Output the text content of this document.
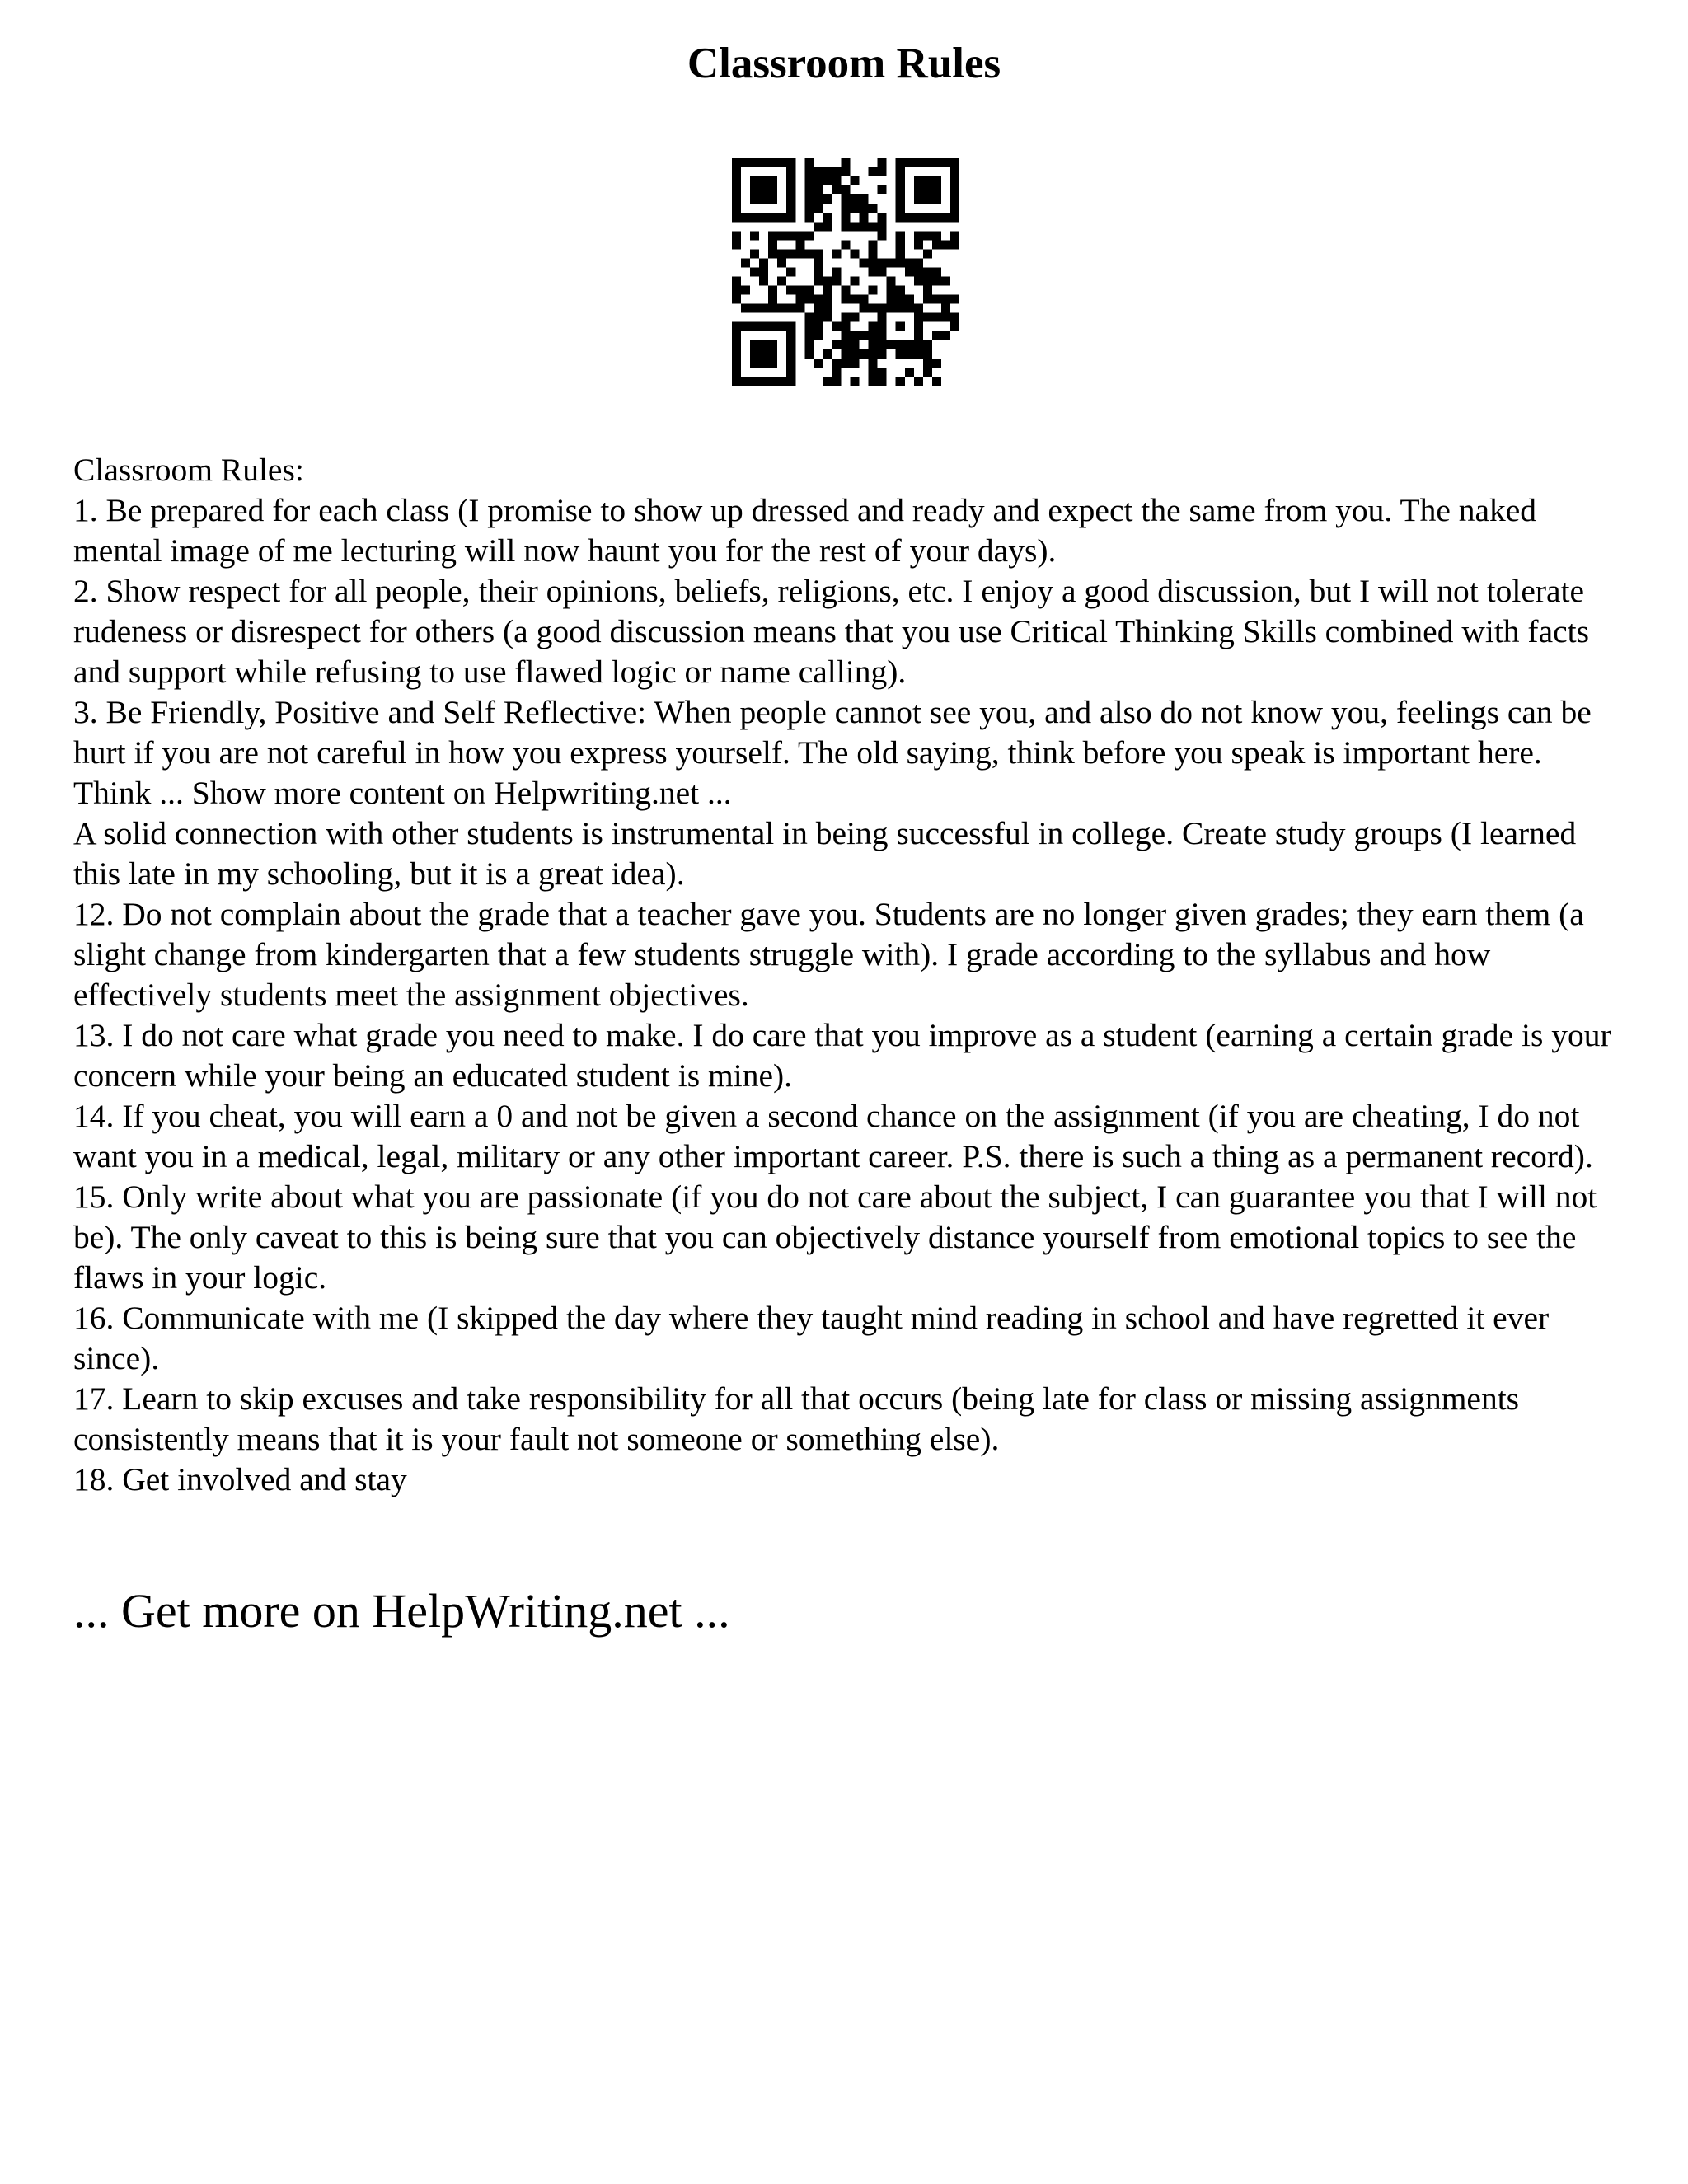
Classroom Rules

Classroom Rules:

1. Be prepared for each class (I promise to show up dressed and ready and expect the same from you. The naked mental image of me lecturing will now haunt you for the rest of your days).

2. Show respect for all people, their opinions, beliefs, religions, etc. I enjoy a good discussion, but I will not tolerate rudeness or disrespect for others (a good discussion means that you use Critical Thinking Skills combined with facts and support while refusing to use flawed logic or name calling).

3. Be Friendly, Positive and Self Reflective: When people cannot see you, and also do not know you, feelings can be hurt if you are not careful in how you express yourself. The old saying, think before you speak is important here. Think ... Show more content on Helpwriting.net ...

A solid connection with other students is instrumental in being successful in college. Create study groups (I learned this late in my schooling, but it is a great idea).

12. Do not complain about the grade that a teacher gave you. Students are no longer given grades; they earn them (a slight change from kindergarten that a few students struggle with). I grade according to the syllabus and how effectively students meet the assignment objectives.

13. I do not care what grade you need to make. I do care that you improve as a student (earning a certain grade is your concern while your being an educated student is mine).

14. If you cheat, you will earn a 0 and not be given a second chance on the assignment (if you are cheating, I do not want you in a medical, legal, military or any other important career. P.S. there is such a thing as a permanent record).

15. Only write about what you are passionate (if you do not care about the subject, I can guarantee you that I will not be). The only caveat to this is being sure that you can objectively distance yourself from emotional topics to see the flaws in your logic.

16. Communicate with me (I skipped the day where they taught mind reading in school and have regretted it ever since).

17. Learn to skip excuses and take responsibility for all that occurs (being late for class or missing assignments consistently means that it is your fault not someone or something else).

18. Get involved and stay

... Get more on HelpWriting.net ...
